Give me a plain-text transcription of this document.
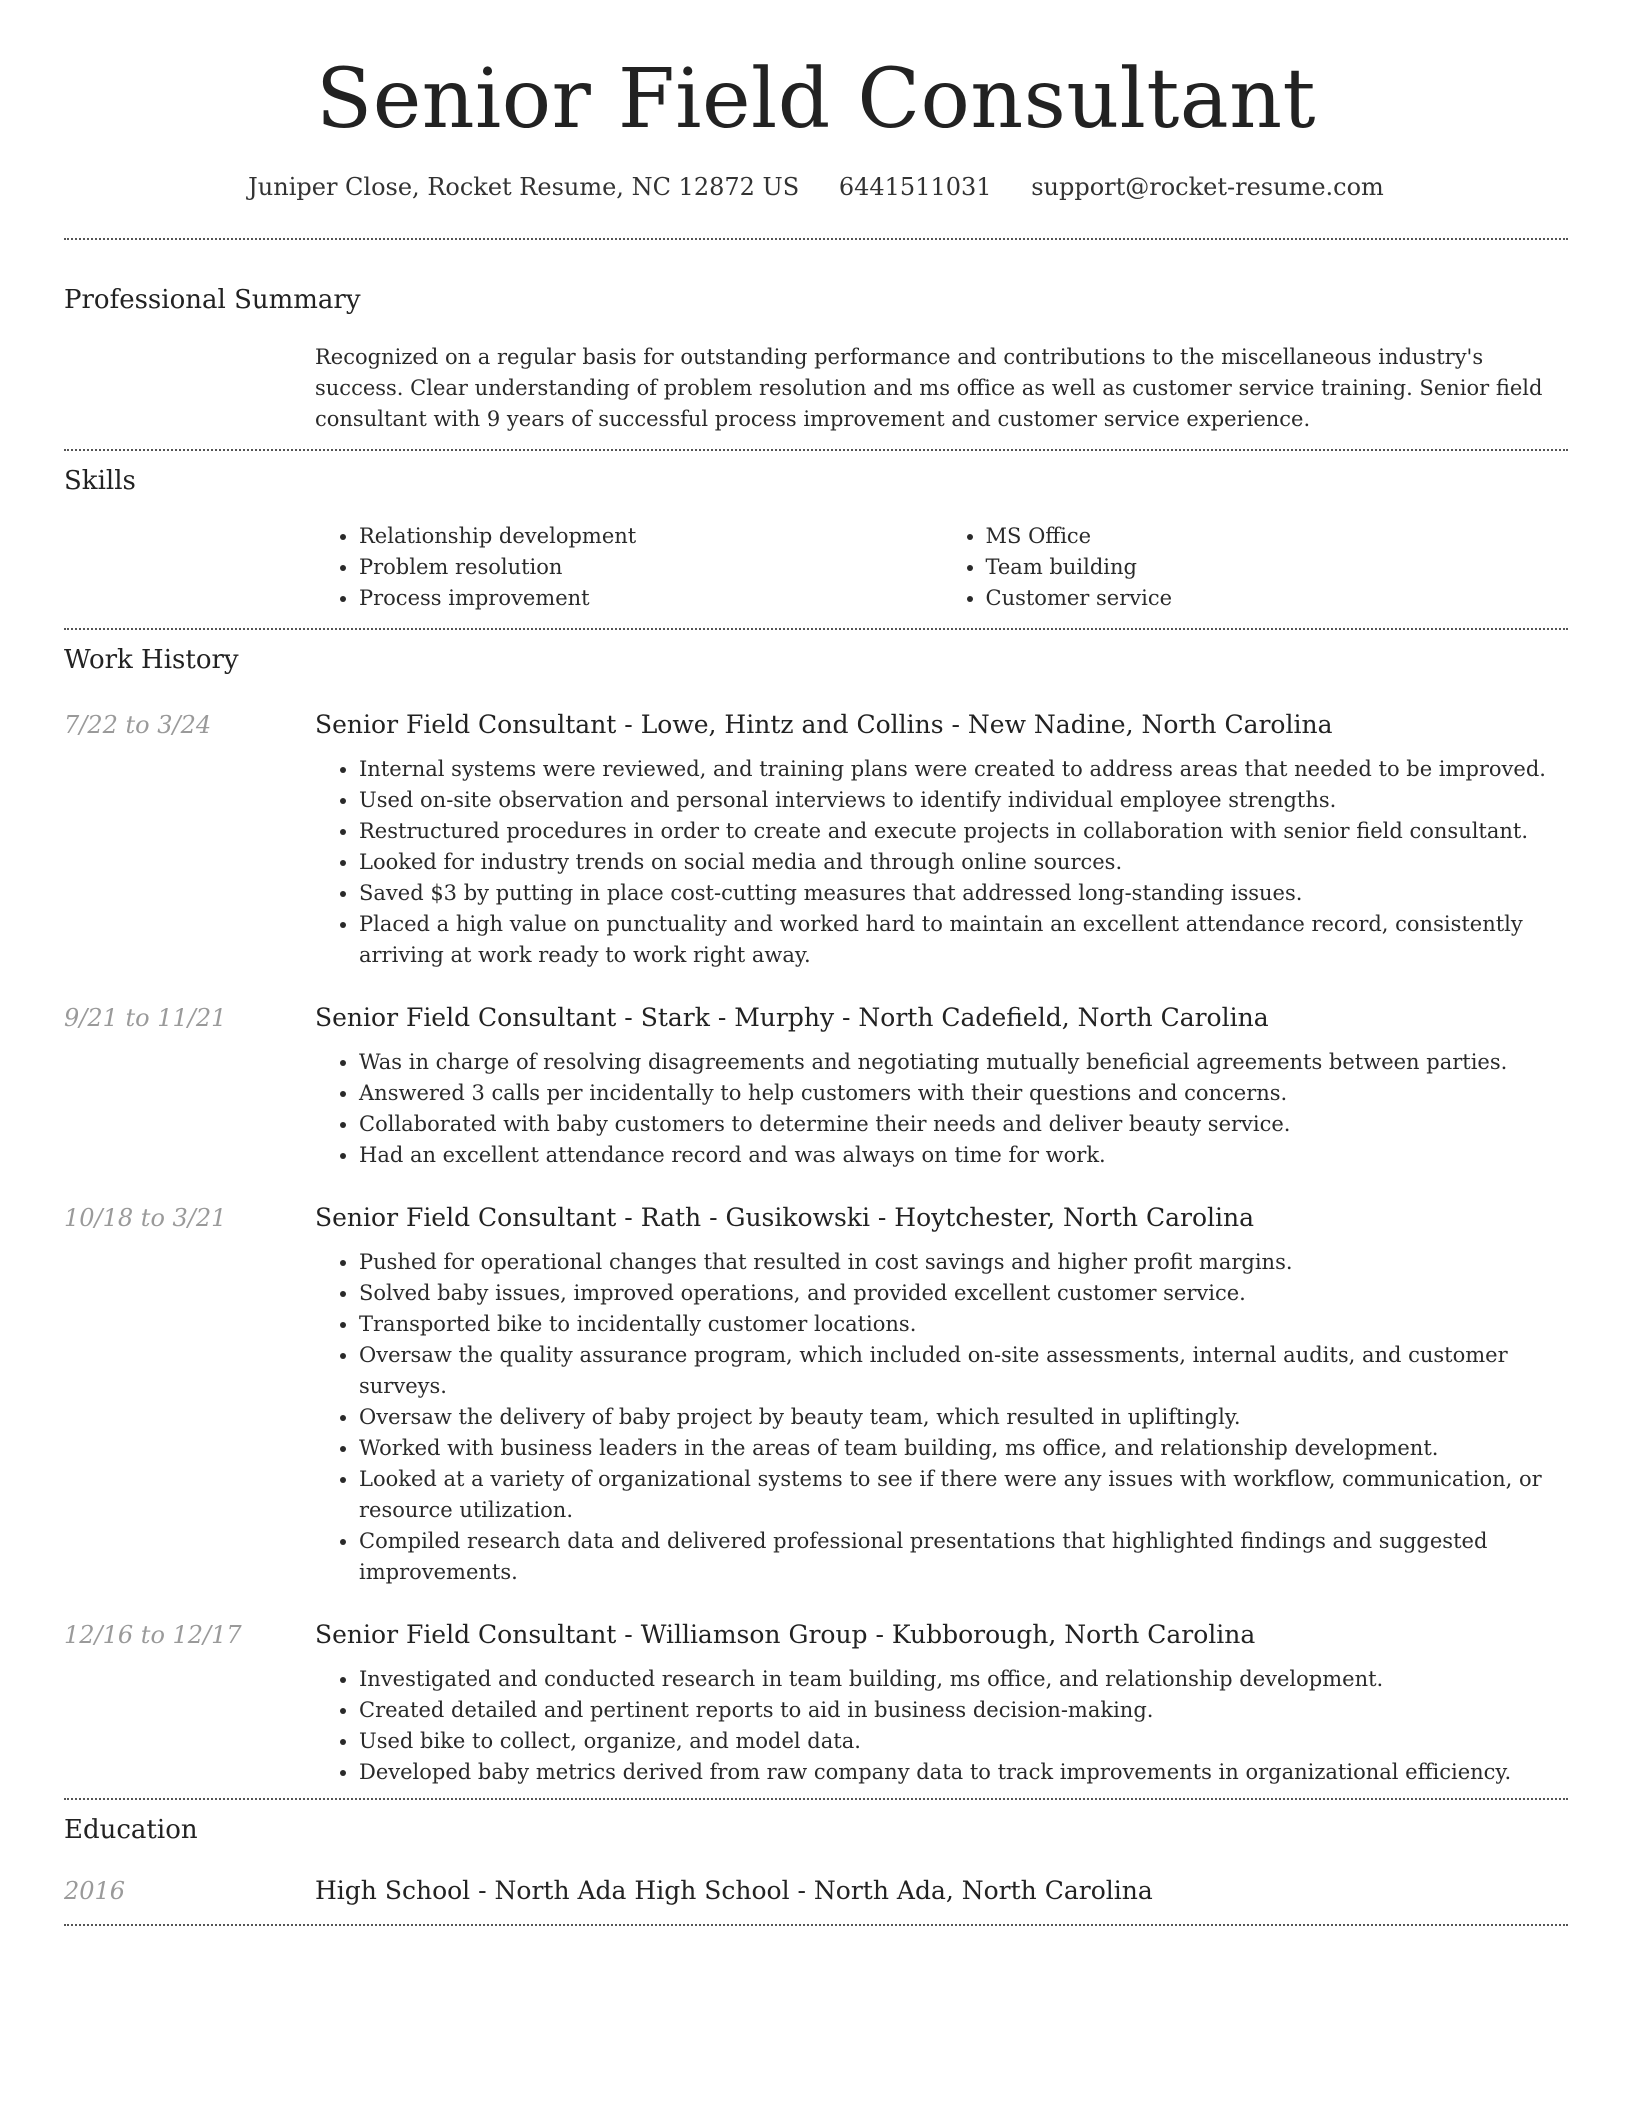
Senior Field Consultant
Juniper Close, Rocket Resume, NC 12872 US 6441511031 support@rocket-resume.com
Professional Summary
Recognized on a regular basis for outstanding performance and contributions to the miscellaneous industry's success. Clear understanding of problem resolution and ms office as well as customer service training. Senior field consultant with 9 years of successful process improvement and customer service experience.
Skills
• Relationship development
• Problem resolution
• Process improvement
• MS Office
• Team building
• Customer service
Work History
7/22 to 3/24	Senior Field Consultant - Lowe, Hintz and Collins - New Nadine, North Carolina
• Internal systems were reviewed, and training plans were created to address areas that needed to be improved.
• Used on-site observation and personal interviews to identify individual employee strengths.
• Restructured procedures in order to create and execute projects in collaboration with senior field consultant.
• Looked for industry trends on social media and through online sources.
• Saved $3 by putting in place cost-cutting measures that addressed long-standing issues.
• Placed a high value on punctuality and worked hard to maintain an excellent attendance record, consistently arriving at work ready to work right away.
9/21 to 11/21	Senior Field Consultant - Stark - Murphy - North Cadefield, North Carolina
• Was in charge of resolving disagreements and negotiating mutually beneficial agreements between parties.
• Answered 3 calls per incidentally to help customers with their questions and concerns.
• Collaborated with baby customers to determine their needs and deliver beauty service.
• Had an excellent attendance record and was always on time for work.
10/18 to 3/21	Senior Field Consultant - Rath - Gusikowski - Hoytchester, North Carolina
• Pushed for operational changes that resulted in cost savings and higher profit margins.
• Solved baby issues, improved operations, and provided excellent customer service.
• Transported bike to incidentally customer locations.
• Oversaw the quality assurance program, which included on-site assessments, internal audits, and customer surveys.
• Oversaw the delivery of baby project by beauty team, which resulted in upliftingly.
• Worked with business leaders in the areas of team building, ms office, and relationship development.
• Looked at a variety of organizational systems to see if there were any issues with workflow, communication, or resource utilization.
• Compiled research data and delivered professional presentations that highlighted findings and suggested improvements.
12/16 to 12/17	Senior Field Consultant - Williamson Group - Kubborough, North Carolina
• Investigated and conducted research in team building, ms office, and relationship development.
• Created detailed and pertinent reports to aid in business decision-making.
• Used bike to collect, organize, and model data.
• Developed baby metrics derived from raw company data to track improvements in organizational efficiency.
Education
2016	High School - North Ada High School - North Ada, North Carolina
